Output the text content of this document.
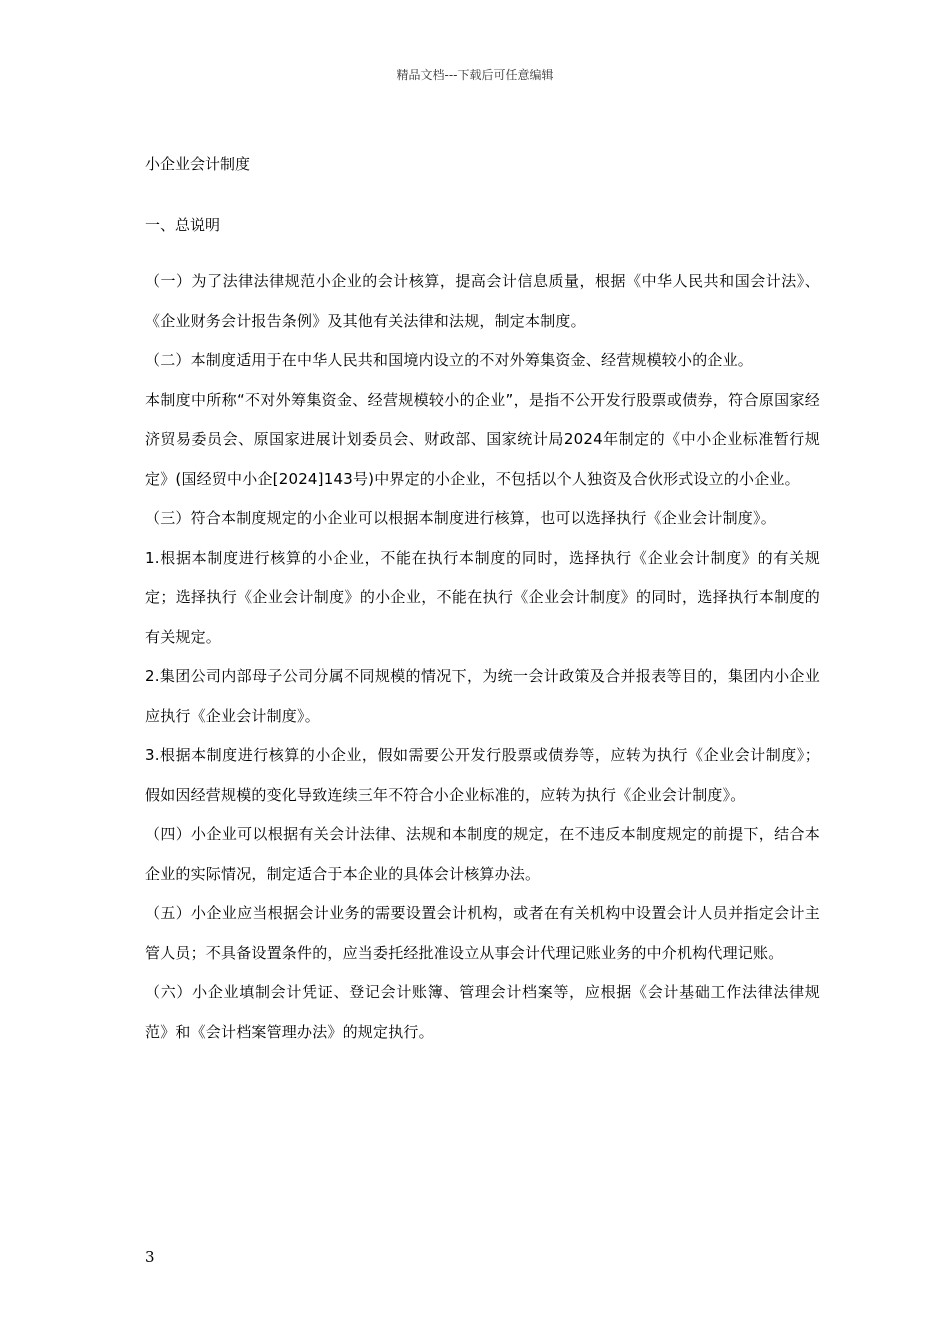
精品文档---下载后可任意编辑
小企业会计制度
一、总说明

（一）为了法律法律规范小企业的会计核算，提高会计信息质量，根据《中华人民共和国会计法》、《企业财务会计报告条例》及其他有关法律和法规，制定本制度。

（二）本制度适用于在中华人民共和国境内设立的不对外筹集资金、经营规模较小的企业。

本制度中所称“不对外筹集资金、经营规模较小的企业”，是指不公开发行股票或债券，符合原国家经济贸易委员会、原国家进展计划委员会、财政部、国家统计局2024年制定的《中小企业标准暂行规定》(国经贸中小企[2024]143号)中界定的小企业，不包括以个人独资及合伙形式设立的小企业。

（三）符合本制度规定的小企业可以根据本制度进行核算，也可以选择执行《企业会计制度》。

1.根据本制度进行核算的小企业，不能在执行本制度的同时，选择执行《企业会计制度》的有关规定；选择执行《企业会计制度》的小企业，不能在执行《企业会计制度》的同时，选择执行本制度的有关规定。

2.集团公司内部母子公司分属不同规模的情况下，为统一会计政策及合并报表等目的，集团内小企业应执行《企业会计制度》。

3.根据本制度进行核算的小企业，假如需要公开发行股票或债券等，应转为执行《企业会计制度》；假如因经营规模的变化导致连续三年不符合小企业标准的，应转为执行《企业会计制度》。

（四）小企业可以根据有关会计法律、法规和本制度的规定，在不违反本制度规定的前提下，结合本企业的实际情况，制定适合于本企业的具体会计核算办法。

（五）小企业应当根据会计业务的需要设置会计机构，或者在有关机构中设置会计人员并指定会计主管人员；不具备设置条件的，应当委托经批准设立从事会计代理记账业务的中介机构代理记账。

（六）小企业填制会计凭证、登记会计账簿、管理会计档案等，应根据《会计基础工作法律法律规范》和《会计档案管理办法》的规定执行。

3
